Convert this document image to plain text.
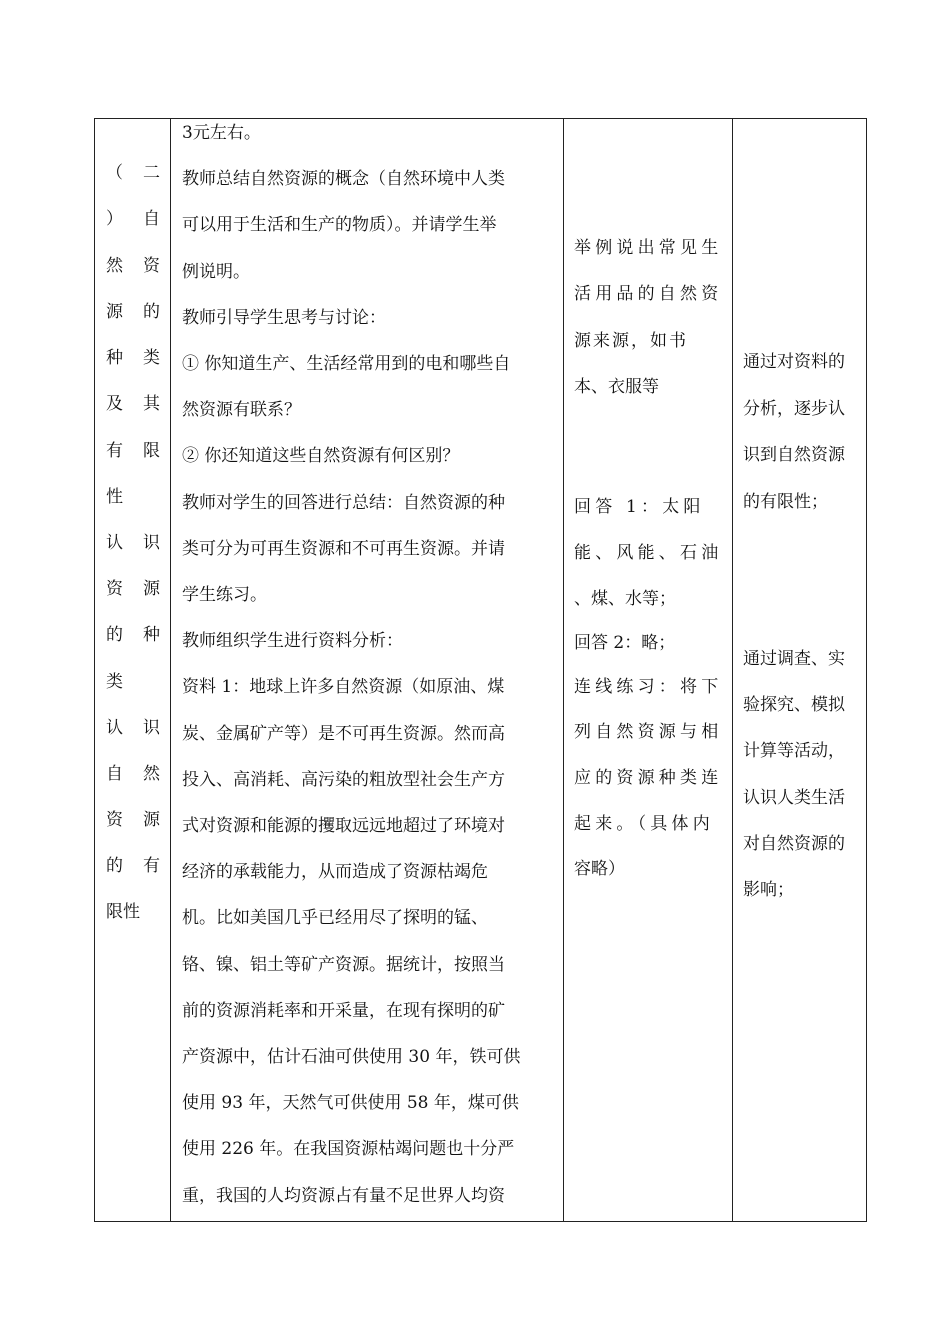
（ 二
） 自
然 资
源 的
种 类
及 其
有 限
性
认 识
资 源
的 种
类
认 识
自 然
资 源
的 有
限性
3元左右。
教师总结自然资源的概念（自然环境中人类
可以用于生活和生产的物质）。并请学生举
例说明。
教师引导学生思考与讨论：
① 你知道生产、生活经常用到的电和哪些自
然资源有联系？
② 你还知道这些自然资源有何区别？
教师对学生的回答进行总结：自然资源的种
类可分为可再生资源和不可再生资源。并请
学生练习。
教师组织学生进行资料分析：
资料 1：地球上许多自然资源（如原油、煤
炭、金属矿产等）是不可再生资源。然而高
投入、高消耗、高污染的粗放型社会生产方
式对资源和能源的攫取远远地超过了环境对
经济的承载能力，从而造成了资源枯竭危
机。比如美国几乎已经用尽了探明的锰、
铬、镍、铝土等矿产资源。据统计，按照当
前的资源消耗率和开采量，在现有探明的矿
产资源中，估计石油可供使用 30 年，铁可供
使用 93 年，天然气可供使用 58 年，煤可供
使用 226 年。在我国资源枯竭问题也十分严
重，我国的人均资源占有量不足世界人均资
举例说出常见生
活用品的自然资
源来源，如书
本、衣服等
回答 1：太阳
能、风能、石油
、煤、水等；
回答 2：略；
连线练习：将下
列自然资源与相
应的资源种类连
起来。（具体内
容略）
通过对资料的
分析，逐步认
识到自然资源
的有限性；
通过调查、实
验探究、模拟
计算等活动，
认识人类生活
对自然资源的
影响；
